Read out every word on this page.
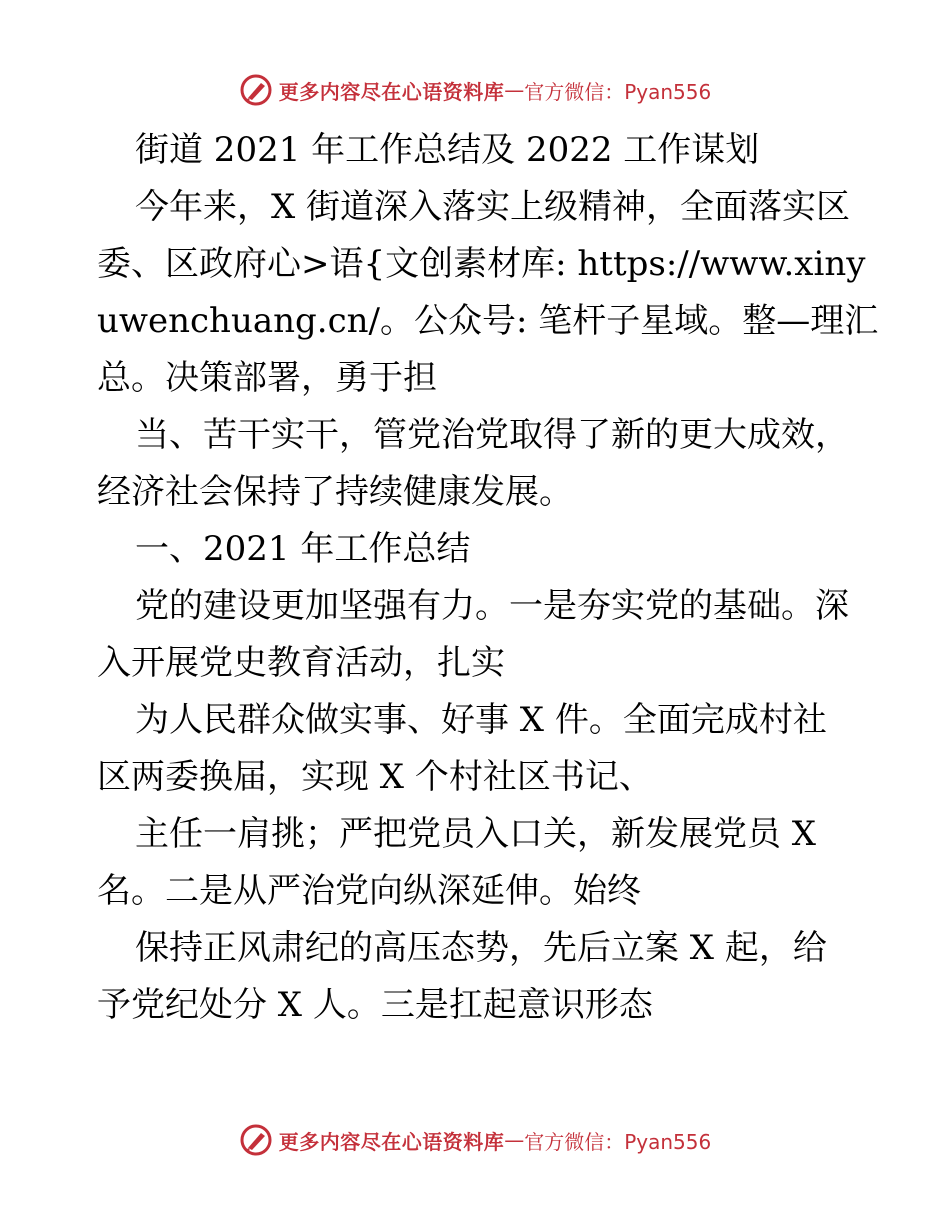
更多内容尽在心语资料库 — 官方微信：Pyan556
街道 2021 年工作总结及 2022 工作谋划
今年来，X 街道深入落实上级精神，全面落实区
委、区政府心>语{文创素材库: https://www.xiny
uwenchuang.cn/。公众号: 笔杆子星域。整—理汇
总。决策部署，勇于担
当、苦干实干，管党治党取得了新的更大成效，
经济社会保持了持续健康发展。
一、2021 年工作总结
党的建设更加坚强有力。一是夯实党的基础。深
入开展党史教育活动，扎实
为人民群众做实事、好事 X 件。全面完成村社
区两委换届，实现 X 个村社区书记、
主任一肩挑；严把党员入口关，新发展党员 X
名。二是从严治党向纵深延伸。始终
保持正风肃纪的高压态势，先后立案 X 起，给
予党纪处分 X 人。三是扛起意识形态
更多内容尽在心语资料库 — 官方微信：Pyan556
